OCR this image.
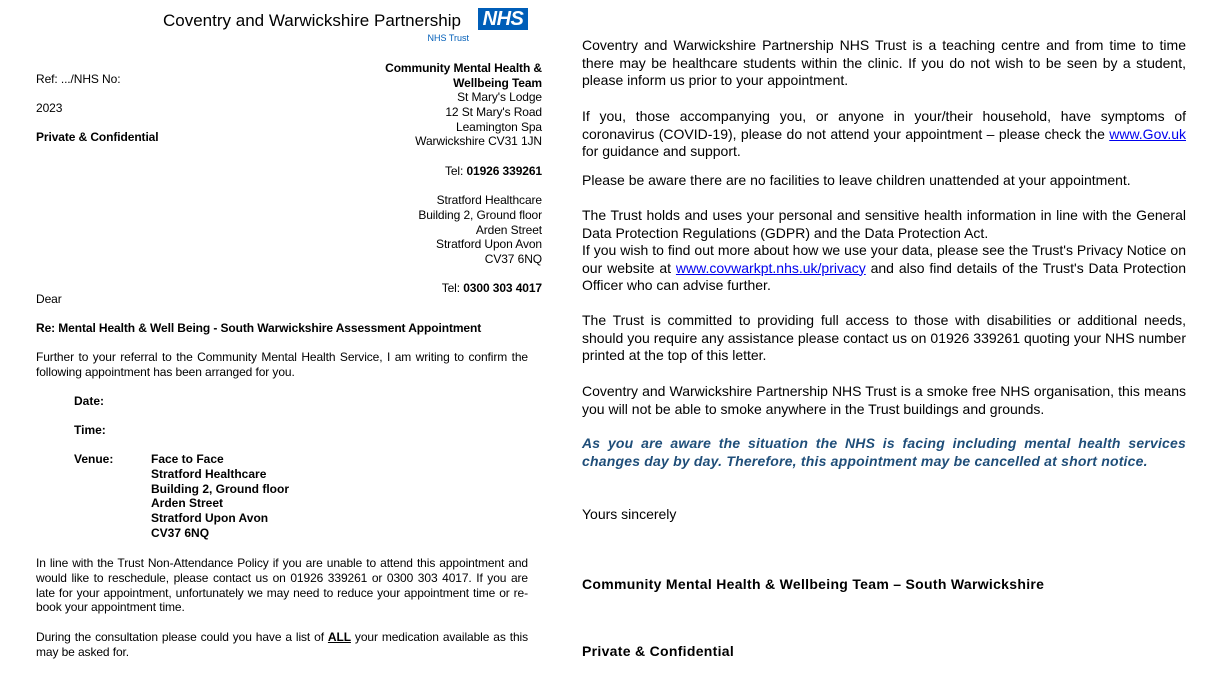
Coventry and Warwickshire Partnership NHS
NHS Trust
Ref: .../NHS No:
2023
Private & Confidential
Community Mental Health &
Wellbeing Team
St Mary's Lodge
12 St Mary's Road
Leamington Spa
Warwickshire CV31 1JN
Tel: 01926 339261
Stratford Healthcare
Building 2, Ground floor
Arden Street
Stratford Upon Avon
CV37 6NQ
Tel: 0300 303 4017
Dear
Re: Mental Health & Well Being - South Warwickshire Assessment Appointment
Further to your referral to the Community Mental Health Service, I am writing to confirm the following appointment has been arranged for you.
Date:
Time:
Venue:	Face to Face
Stratford Healthcare
Building 2, Ground floor
Arden Street
Stratford Upon Avon
CV37 6NQ
In line with the Trust Non-Attendance Policy if you are unable to attend this appointment and would like to reschedule, please contact us on 01926 339261 or 0300 303 4017. If you are late for your appointment, unfortunately we may need to reduce your appointment time or re-book your appointment time.
During the consultation please could you have a list of ALL your medication available as this may be asked for.
Coventry and Warwickshire Partnership NHS Trust is a teaching centre and from time to time there may be healthcare students within the clinic. If you do not wish to be seen by a student, please inform us prior to your appointment.
If you, those accompanying you, or anyone in your/their household, have symptoms of coronavirus (COVID-19), please do not attend your appointment – please check the www.Gov.uk for guidance and support.
Please be aware there are no facilities to leave children unattended at your appointment.
The Trust holds and uses your personal and sensitive health information in line with the General Data Protection Regulations (GDPR) and the Data Protection Act.
If you wish to find out more about how we use your data, please see the Trust's Privacy Notice on our website at www.covwarkpt.nhs.uk/privacy and also find details of the Trust's Data Protection Officer who can advise further.
The Trust is committed to providing full access to those with disabilities or additional needs, should you require any assistance please contact us on 01926 339261 quoting your NHS number printed at the top of this letter.
Coventry and Warwickshire Partnership NHS Trust is a smoke free NHS organisation, this means you will not be able to smoke anywhere in the Trust buildings and grounds.
As you are aware the situation the NHS is facing including mental health services changes day by day. Therefore, this appointment may be cancelled at short notice.
Yours sincerely
Community Mental Health & Wellbeing Team – South Warwickshire
Private & Confidential
